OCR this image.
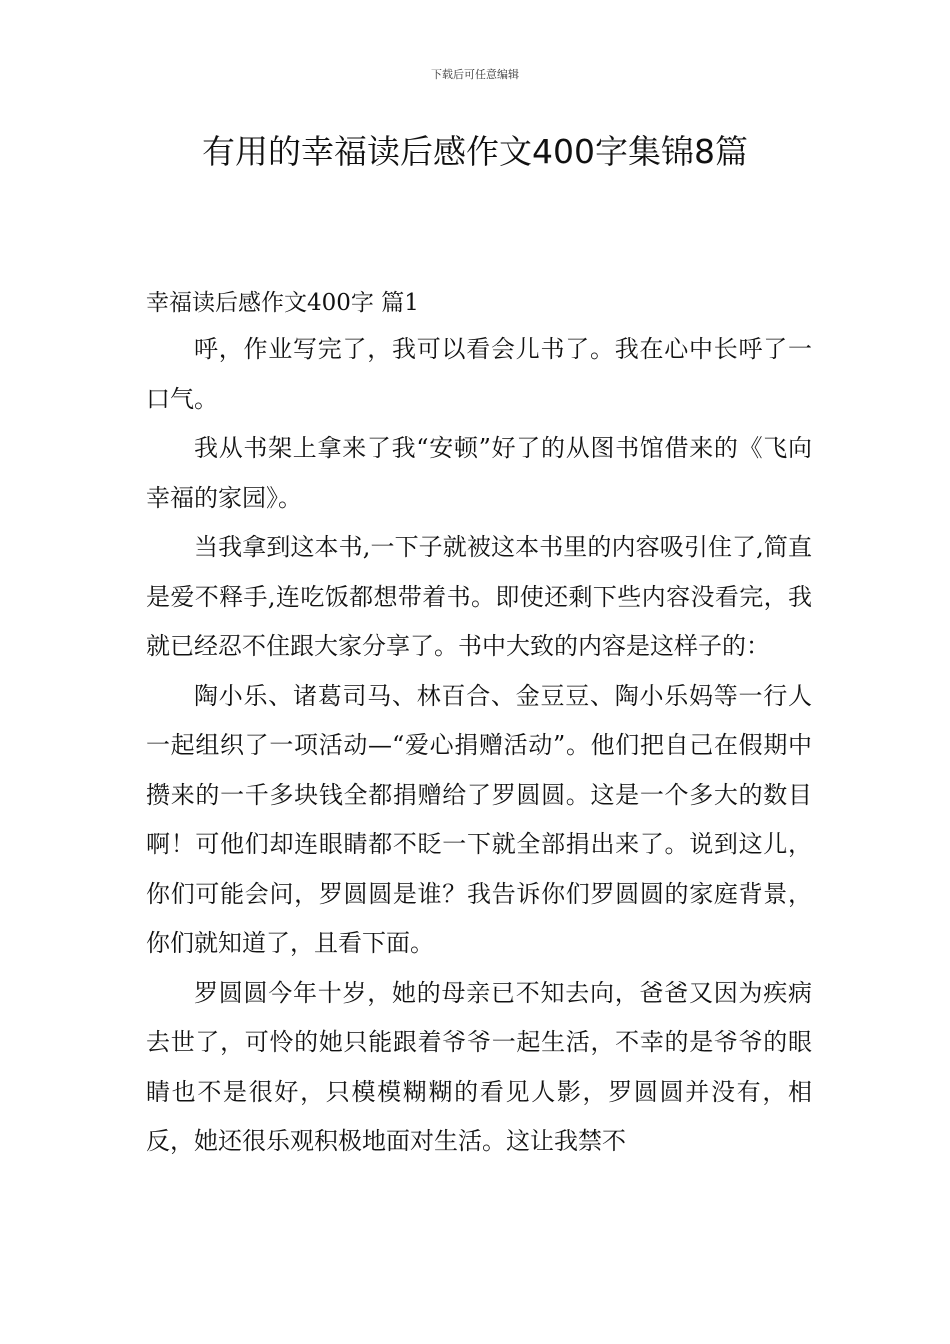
下载后可任意编辑
有用的幸福读后感作文400字集锦8篇
幸福读后感作文400字 篇1

呼，作业写完了，我可以看会儿书了。我在心中长呼了一口气。

我从书架上拿来了我“安顿”好了的从图书馆借来的《飞向幸福的家园》。

当我拿到这本书,一下子就被这本书里的内容吸引住了,简直是爱不释手,连吃饭都想带着书。即使还剩下些内容没看完，我就已经忍不住跟大家分享了。书中大致的内容是这样子的：

陶小乐、诸葛司马、林百合、金豆豆、陶小乐妈等一行人一起组织了一项活动—“爱心捐赠活动”。他们把自己在假期中攒来的一千多块钱全都捐赠给了罗圆圆。这是一个多大的数目啊！可他们却连眼睛都不眨一下就全部捐出来了。说到这儿，你们可能会问，罗圆圆是谁？我告诉你们罗圆圆的家庭背景，你们就知道了，且看下面。

罗圆圆今年十岁，她的母亲已不知去向，爸爸又因为疾病去世了，可怜的她只能跟着爷爷一起生活，不幸的是爷爷的眼睛也不是很好，只模模糊糊的看见人影，罗圆圆并没有，相反，她还很乐观积极地面对生活。这让我禁不
